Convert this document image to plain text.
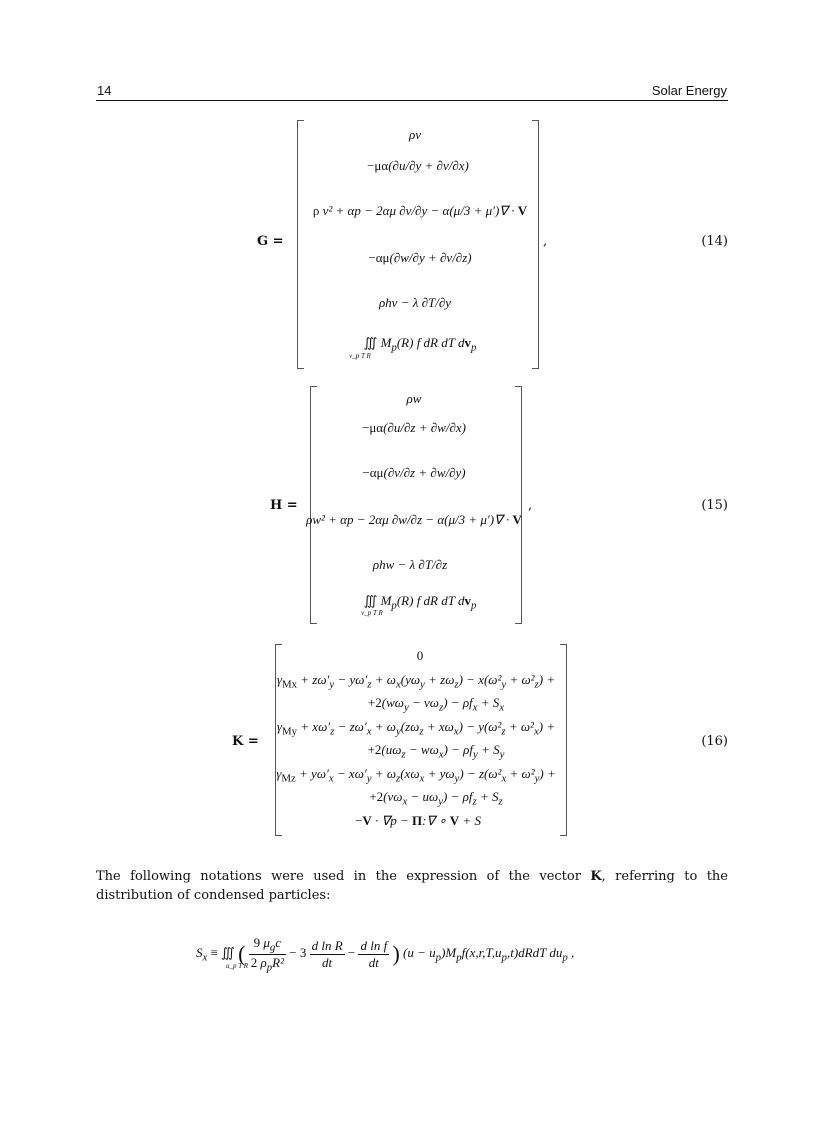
14	Solar Energy
G =
ρv
−μα(∂u/∂y + ∂v/∂x)
ρ v² + αp − 2αμ ∂v/∂y − α(μ/3 + μ′)∇ · V
−αμ(∂w/∂y + ∂v/∂z)
ρhv − λ ∂T/∂y
∭ $M_p(R)$ f dR dT $dv_p$
v_p T R
,	(14)
H =
ρw
−μα(∂u/∂z + ∂w/∂x)
−αμ(∂v/∂z + ∂w/∂y)
ρw² + αp − 2αμ ∂w/∂z − α(μ/3 + μ′)∇ · V
ρhw − λ ∂T/∂z
∭ $M_p(R)$ f dR dT $dv_p$
v_p T R
,	(15)
K =
0
$\gamma_{Mx} + z\omega'_y - y\omega'_z + \omega_x(y\omega_y + z\omega_z) - x(\omega^2_y + \omega^2_z)$ +
$+2(w\omega_y - v\omega_z) - \rho f_x + S_x$
$\gamma_{My} + x\omega'_z - z\omega'_x + \omega_y(z\omega_z + x\omega_x) - y(\omega^2_z + \omega^2_x)$ +
$+2(u\omega_z - w\omega_x) - \rho f_y + S_y$
$\gamma_{Mz} + y\omega'_x - x\omega'_y + \omega_z(x\omega_x + y\omega_y) - z(\omega^2_x + \omega^2_y)$ +
$+2(v\omega_x - u\omega_y) - \rho f_z + S_z$
−V · ∇p − Π:∇ ∘ V + S
(16)
The following notations were used in the expression of the vector K, referring to the distribution of condensed particles:
$S_x$ ≡ ∭ ( 9 $\mu_gc$
2 $\rho_pR^2$
− $3 \frac{\text{d ln R}}{dt} - \frac{\text{d ln f}}{dt}$ ) $(u - u_p)M_pf(x,r,T,u_p,t)dRdT$ $du_p$ ,
u_p T R
